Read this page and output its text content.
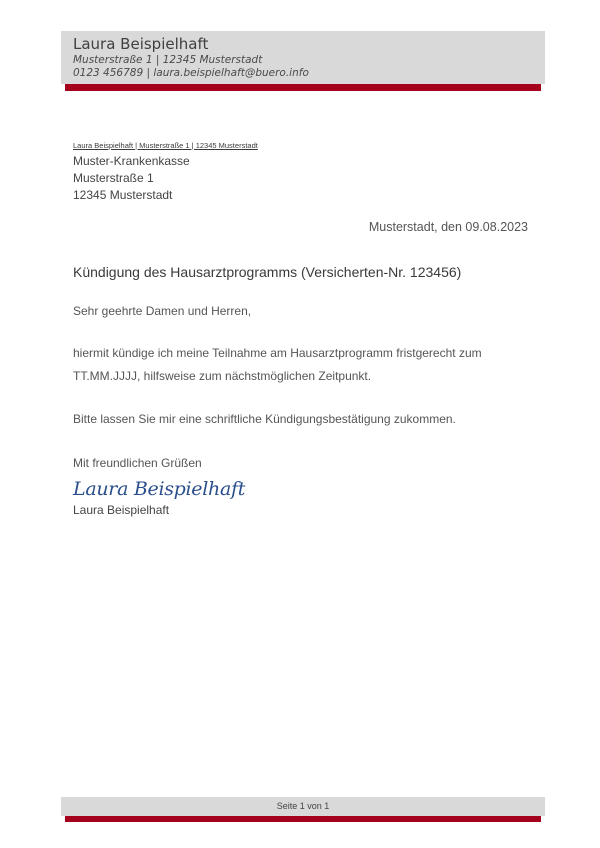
Laura Beispielhaft
Musterstraße 1 | 12345 Musterstadt
0123 456789 | laura.beispielhaft@buero.info
Laura Beispielhaft | Musterstraße 1 | 12345 Musterstadt
Muster-Krankenkasse
Musterstraße 1
12345 Musterstadt
Musterstadt, den 09.08.2023
Kündigung des Hausarztprogramms (Versicherten-Nr. 123456)
Sehr geehrte Damen und Herren,
hiermit kündige ich meine Teilnahme am Hausarztprogramm fristgerecht zum
TT.MM.JJJJ, hilfsweise zum nächstmöglichen Zeitpunkt.
Bitte lassen Sie mir eine schriftliche Kündigungsbestätigung zukommen.
Mit freundlichen Grüßen
Laura Beispielhaft
Laura Beispielhaft
Seite 1 von 1
